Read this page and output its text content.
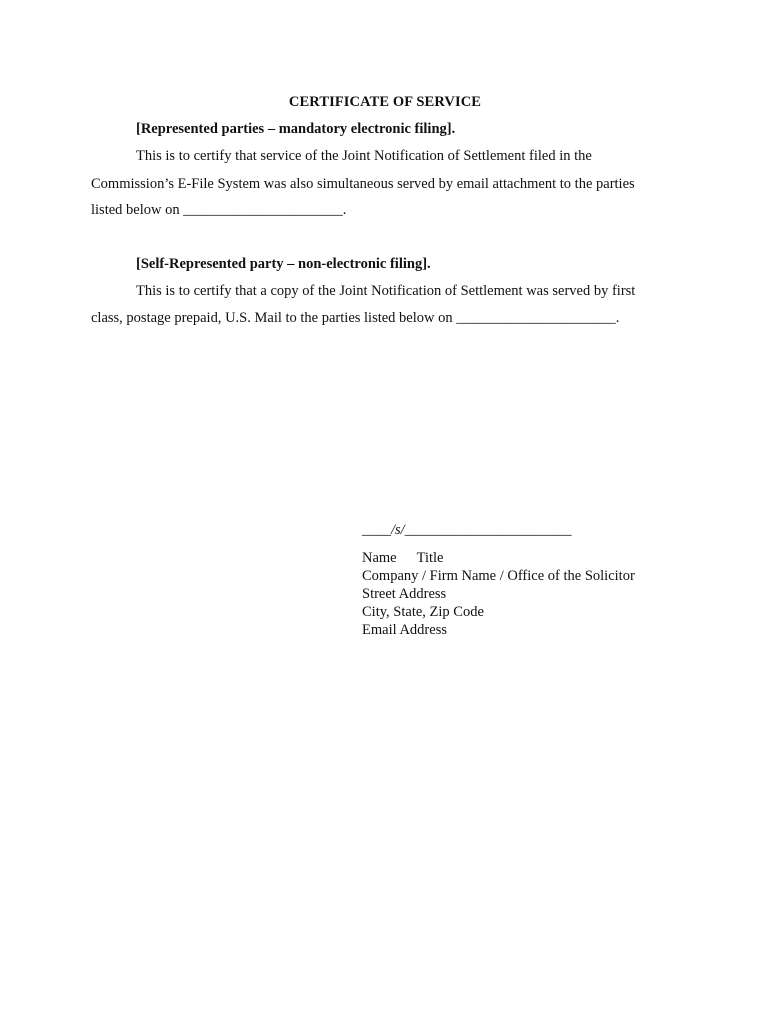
CERTIFICATE OF SERVICE
[Represented parties – mandatory electronic filing].
This is to certify that service of the Joint Notification of Settlement filed in the
Commission’s E-File System was also simultaneous served by email attachment to the parties
listed below on ______________________.
[Self-Represented party – non-electronic filing].
This is to certify that a copy of the Joint Notification of Settlement was served by first
class, postage prepaid, U.S. Mail to the parties listed below on ______________________.
____/s/_______________________
Name Title
Company / Firm Name / Office of the Solicitor
Street Address
City, State, Zip Code
Email Address
